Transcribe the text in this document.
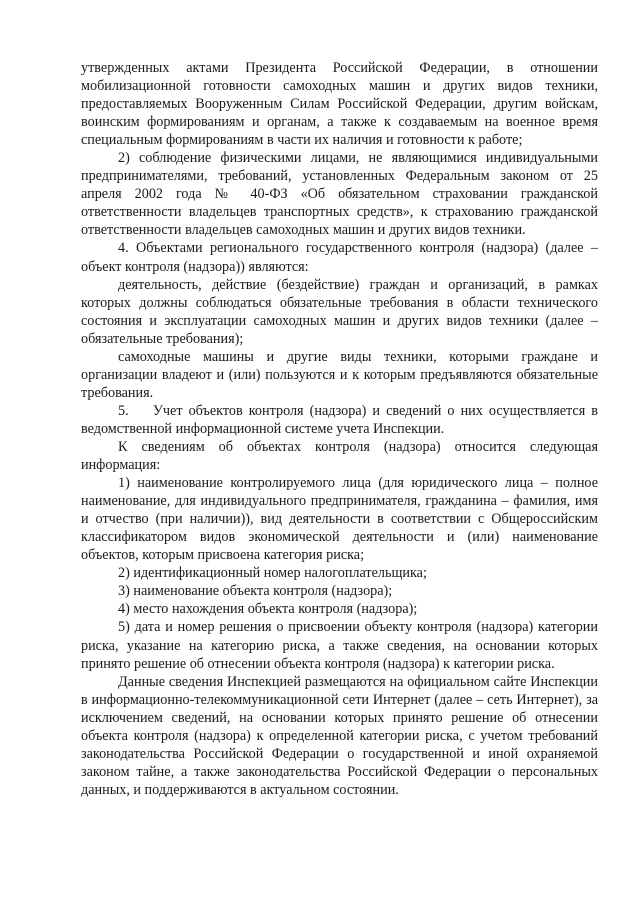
утвержденных актами Президента Российской Федерации, в отношении мобилизационной готовности самоходных машин и других видов техники, предоставляемых Вооруженным Силам Российской Федерации, другим войскам, воинским формированиям и органам, а также к создаваемым на военное время специальным формированиям в части их наличия и готовности к работе;

2) соблюдение физическими лицами, не являющимися индивидуальными предпринимателями, требований, установленных Федеральным законом от 25 апреля 2002 года № 40-ФЗ «Об обязательном страховании гражданской ответственности владельцев транспортных средств», к страхованию гражданской ответственности владельцев самоходных машин и других видов техники.

4. Объектами регионального государственного контроля (надзора) (далее – объект контроля (надзора)) являются:

деятельность, действие (бездействие) граждан и организаций, в рамках которых должны соблюдаться обязательные требования в области технического состояния и эксплуатации самоходных машин и других видов техники (далее – обязательные требования);

самоходные машины и другие виды техники, которыми граждане и организации владеют и (или) пользуются и к которым предъявляются обязательные требования.

5.    Учет объектов контроля (надзора) и сведений о них осуществляется в ведомственной информационной системе учета Инспекции.

К сведениям об объектах контроля (надзора) относится следующая информация:

1) наименование контролируемого лица (для юридического лица – полное наименование, для индивидуального предпринимателя, гражданина – фамилия, имя и отчество (при наличии)), вид деятельности в соответствии с Общероссийским классификатором видов экономической деятельности и (или) наименование объектов, которым присвоена категория риска;

2) идентификационный номер налогоплательщика;

3) наименование объекта контроля (надзора);

4) место нахождения объекта контроля (надзора);

5) дата и номер решения о присвоении объекту контроля (надзора) категории риска, указание на категорию риска, а также сведения, на основании которых принято решение об отнесении объекта контроля (надзора) к категории риска.

Данные сведения Инспекцией размещаются на официальном сайте Инспекции в информационно-телекоммуникационной сети Интернет (далее – сеть Интернет), за исключением сведений, на основании которых принято решение об отнесении объекта контроля (надзора) к определенной категории риска, с учетом требований законодательства Российской Федерации о государственной и иной охраняемой законом тайне, а также законодательства Российской Федерации о персональных данных, и поддерживаются в актуальном состоянии.
